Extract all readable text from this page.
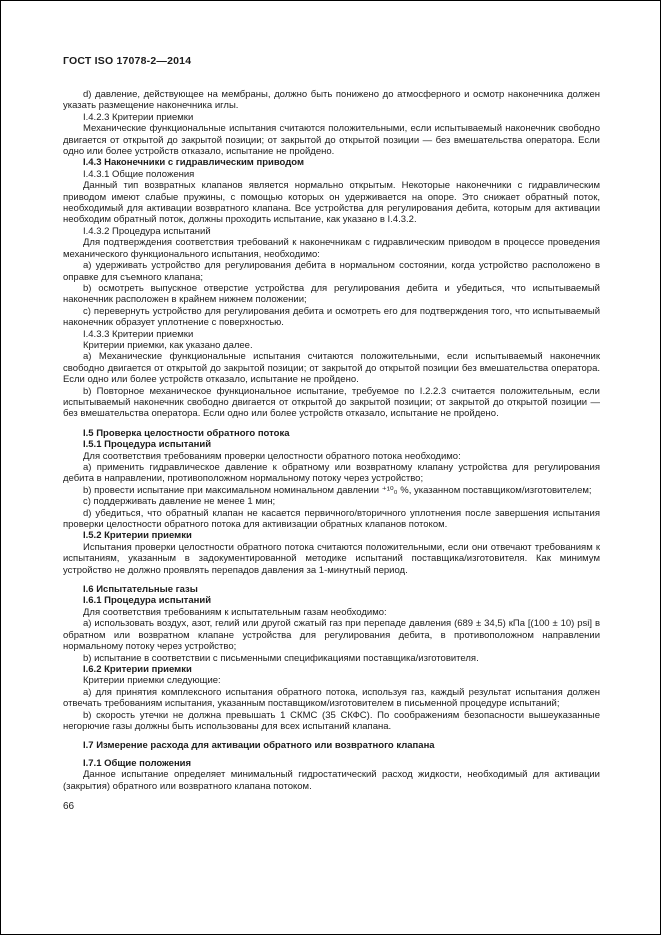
ГОСТ ISO 17078-2—2014

d) давление, действующее на мембраны, должно быть понижено до атмосферного и осмотр наконечника должен указать размещение наконечника иглы.

I.4.2.3 Критерии приемки

Механические функциональные испытания считаются положительными, если испытываемый наконечник свободно двигается от открытой до закрытой позиции; от закрытой до открытой позиции — без вмешательства оператора. Если одно или более устройств отказало, испытание не пройдено.

I.4.3 Наконечники с гидравлическим приводом

I.4.3.1 Общие положения

Данный тип возвратных клапанов является нормально открытым. Некоторые наконечники с гидравлическим приводом имеют слабые пружины, с помощью которых он удерживается на опоре. Это снижает обратный поток, необходимый для активации возвратного клапана. Все устройства для регулирования дебита, которым для активации необходим обратный поток, должны проходить испытание, как указано в I.4.3.2.

I.4.3.2 Процедура испытаний

Для подтверждения соответствия требований к наконечникам с гидравлическим приводом в процессе проведения механического функционального испытания, необходимо:

a) удерживать устройство для регулирования дебита в нормальном состоянии, когда устройство расположено в оправке для съемного клапана;

b) осмотреть выпускное отверстие устройства для регулирования дебита и убедиться, что испытываемый наконечник расположен в крайнем нижнем положении;

c) перевернуть устройство для регулирования дебита и осмотреть его для подтверждения того, что испытываемый наконечник образует уплотнение с поверхностью.

I.4.3.3 Критерии приемки

Критерии приемки, как указано далее.

a) Механические функциональные испытания считаются положительными, если испытываемый наконечник свободно двигается от открытой до закрытой позиции; от закрытой до открытой позиции без вмешательства оператора. Если одно или более устройств отказало, испытание не пройдено.

b) Повторное механическое функциональное испытание, требуемое по I.2.2.3 считается положительным, если испытываемый наконечник свободно двигается от открытой до закрытой позиции; от закрытой до открытой позиции — без вмешательства оператора. Если одно или более устройств отказало, испытание не пройдено.

I.5 Проверка целостности обратного потока

I.5.1 Процедура испытаний

Для соответствия требованиям проверки целостности обратного потока необходимо:

a) применить гидравлическое давление к обратному или возвратному клапану устройства для регулирования дебита в направлении, противоположном нормальному потоку через устройство;

b) провести испытание при максимальном номинальном давлении ⁺¹⁰₀ %, указанном поставщиком/изготовителем;

c) поддерживать давление не менее 1 мин;

d) убедиться, что обратный клапан не касается первичного/вторичного уплотнения после завершения испытания проверки целостности обратного потока для активизации обратных клапанов потоком.

I.5.2 Критерии приемки

Испытания проверки целостности обратного потока считаются положительными, если они отвечают требованиям к испытаниям, указанным в задокументированной методике испытаний поставщика/изготовителя. Как минимум устройство не должно проявлять перепадов давления за 1-минутный период.

I.6 Испытательные газы

I.6.1 Процедура испытаний

Для соответствия требованиям к испытательным газам необходимо:

a) использовать воздух, азот, гелий или другой сжатый газ при перепаде давления (689 ± 34,5) кПа [(100 ± 10) psi] в обратном или возвратном клапане устройства для регулирования дебита, в противоположном направлении нормальному потоку через устройство;

b) испытание в соответствии с письменными спецификациями поставщика/изготовителя.

I.6.2 Критерии приемки

Критерии приемки следующие:

a) для принятия комплексного испытания обратного потока, используя газ, каждый результат испытания должен отвечать требованиям испытания, указанным поставщиком/изготовителем в письменной процедуре испытаний;

b) скорость утечки не должна превышать 1 СКМС (35 СКФС). По соображениям безопасности вышеуказанные негорючие газы должны быть использованы для всех испытаний клапана.

I.7 Измерение расхода для активации обратного или возвратного клапана

I.7.1 Общие положения

Данное испытание определяет минимальный гидростатический расход жидкости, необходимый для активации (закрытия) обратного или возвратного клапана потоком.

66
